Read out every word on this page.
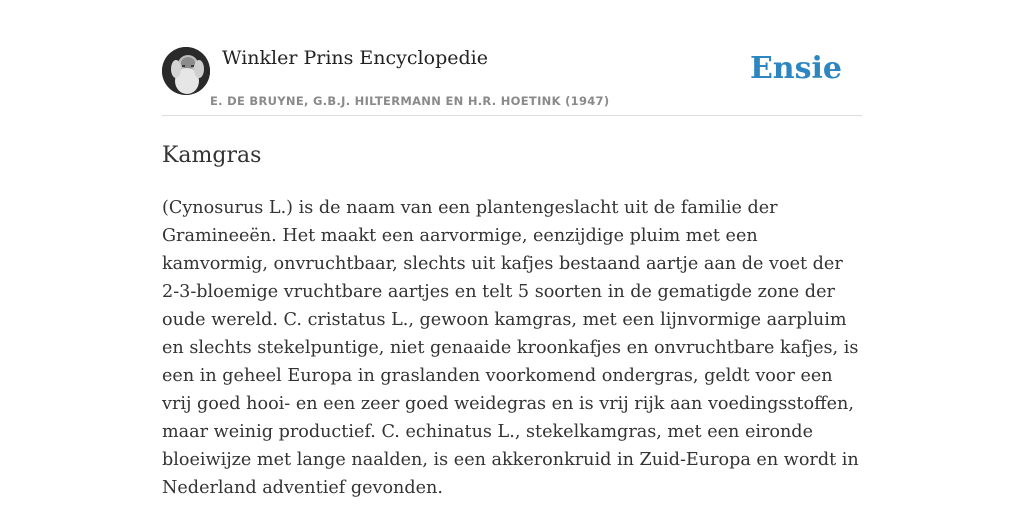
Winkler Prins Encyclopedie
E. DE BRUYNE, G.B.J. HILTERMANN EN H.R. HOETINK (1947)
Ensie
Kamgras

(Cynosurus L.) is de naam van een plantengeslacht uit de familie der Gramineeën. Het maakt een aarvormige, eenzijdige pluim met een kamvormig, onvruchtbaar, slechts uit kafjes bestaand aartje aan de voet der 2-3-bloemige vruchtbare aartjes en telt 5 soorten in de gematigde zone der oude wereld. C. cristatus L., gewoon kamgras, met een lijnvormige aarpluim en slechts stekelpuntige, niet genaaide kroonkafjes en onvruchtbare kafjes, is een in geheel Europa in graslanden voorkomend ondergras, geldt voor een vrij goed hooi- en een zeer goed weidegras en is vrij rijk aan voedingsstoffen, maar weinig productief. C. echinatus L., stekelkamgras, met een eironde bloeiwijze met lange naalden, is een akkeronkruid in Zuid-Europa en wordt in Nederland adventief gevonden.
